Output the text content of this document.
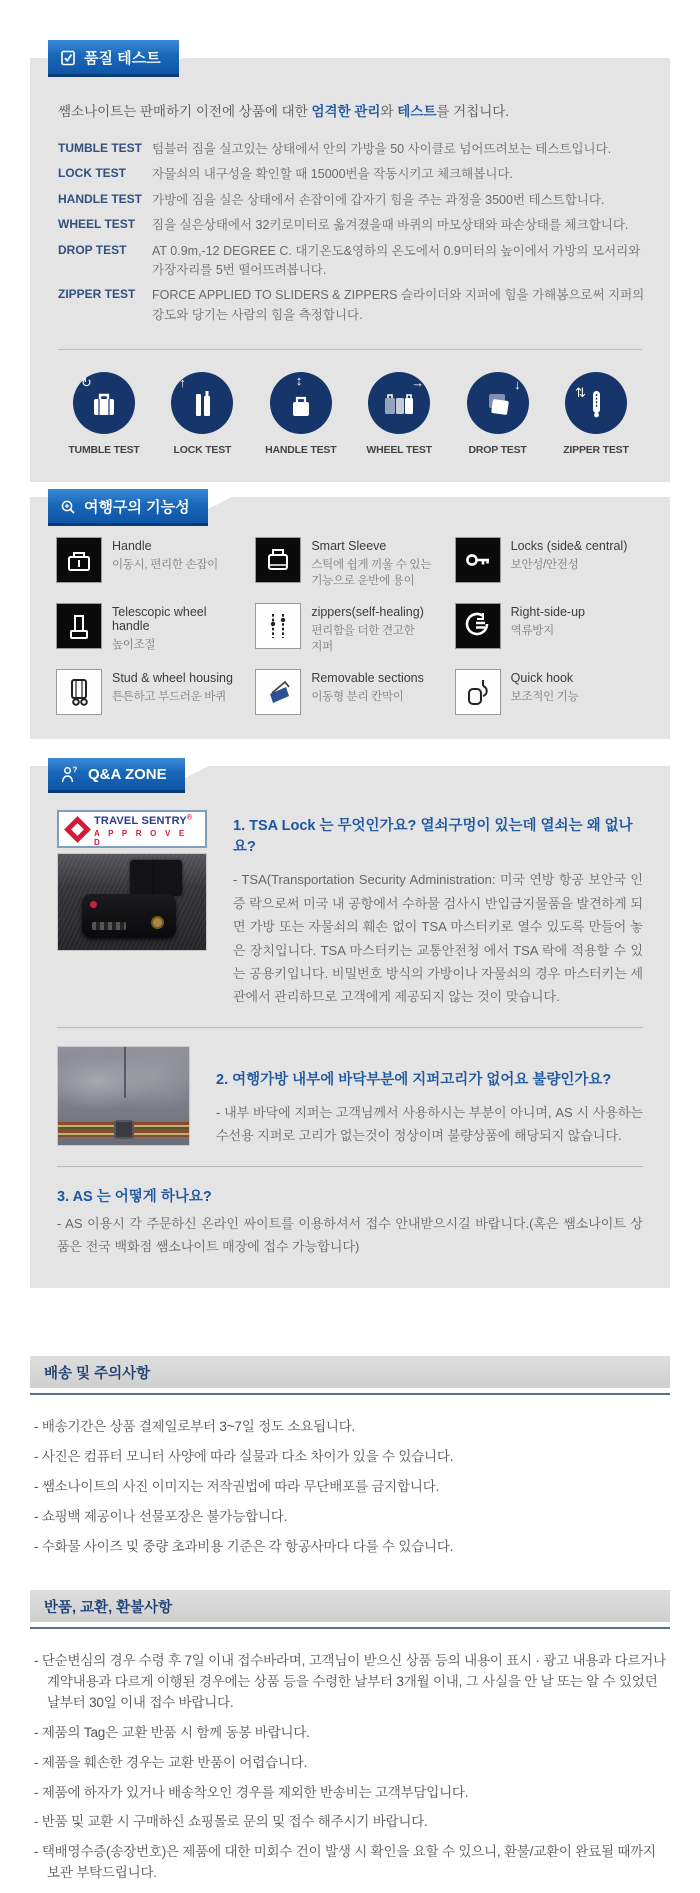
품질 테스트

쌤소나이트는 판매하기 이전에 상품에 대한 엄격한 관리와 테스트를 거칩니다.

TUMBLE TEST 텀블러 짐을 실고있는 상태에서 안의 가방을 50 사이클로 넘어뜨려보는 테스트입니다.
LOCK TEST	자물쇠의 내구성을 확인할 때 15000번을 작동시키고 체크해봅니다.
HANDLE TEST 가방에 짐을 실은 상태에서 손잡이에 갑자기 힘을 주는 과정을 3500번 테스트합니다.
WHEEL TEST	짐을 실은상태에서 32키로미터로 옮겨졌을때 바퀴의 마모상태와 파손상태를 체크합니다.
DROP TEST	AT 0.9m,-12 DEGREE C. 대기온도&영하의 온도에서 0.9미터의 높이에서 가방의 모서리와 가장자리를 5번 떨어뜨려봅니다.
ZIPPER TEST	FORCE APPLIED TO SLIDERS & ZIPPERS 슬라이더와 지퍼에 힘을 가해봄으로써 지퍼의 강도와 당기는 사람의 힘을 측정합니다.
↻
TUMBLE TEST
↑
LOCK TEST
↕
HANDLE TEST
→
WHEEL TEST
↓
DROP TEST
⇅
ZIPPER TEST
여행구의 기능성
Handle
이동시, 편리한 손잡이
Smart Sleeve
스틱에 쉽게 끼울 수 있는 기능으로 운반에 용이
Locks (side& central)
보안성/안전성
Telescopic wheel handle
높이조절
zippers(self-healing)
편리함을 더한 견고한 지퍼
Right-side-up
역류방지
Stud & wheel housing
튼튼하고 부드러운 바퀴
Removable sections
이동형 분리 칸막이
Quick hook
보조적인 기능
? Q&A ZONE
TRAVEL SENTRY®
A P P R O V E D
1. TSA Lock 는 무엇인가요? 열쇠구멍이 있는데 열쇠는 왜 없나요?
- TSA(Transportation Security Administration: 미국 연방 항공 보안국 인증 락으로써 미국 내 공항에서 수하물 검사시 반입금지물품을 발견하게 되면 가방 또는 자물쇠의 훼손 없이 TSA 마스터키로 열수 있도록 만들어 놓은 장치입니다. TSA 마스터키는 교통안전청 에서 TSA 락에 적용할 수 있는 공용키입니다. 비밀번호 방식의 가방이나 자물쇠의 경우 마스터키는 세관에서 관리하므로 고객에게 제공되지 않는 것이 맞습니다.
2. 여행가방 내부에 바닥부분에 지퍼고리가 없어요 불량인가요?
- 내부 바닥에 지퍼는 고객님께서 사용하시는 부분이 아니며, AS 시 사용하는 수선용 지퍼로 고리가 없는것이 정상이며 불량상품에 해당되지 않습니다.
3. AS 는 어떻게 하나요?
- AS 이용시 각 주문하신 온라인 싸이트를 이용하셔서 접수 안내받으시길 바랍니다.(혹은 쌤소나이트 상품은 전국 백화점 쌤소나이트 매장에 접수 가능합니다)
배송 및 주의사항
- 배송기간은 상품 결제일로부터 3~7일 정도 소요됩니다.
- 사진은 컴퓨터 모니터 사양에 따라 실물과 다소 차이가 있을 수 있습니다.
- 쌤소나이트의 사진 이미지는 저작권법에 따라 무단배포를 금지합니다.
- 쇼핑백 제공이나 선물포장은 불가능합니다.
- 수화물 사이즈 및 중량 초과비용 기준은 각 항공사마다 다를 수 있습니다.
반품, 교환, 환불사항
- 단순변심의 경우 수령 후 7일 이내 접수바라며, 고객님이 받으신 상품 등의 내용이 표시 · 광고 내용과 다르거나 계약내용과 다르게 이행된 경우에는 상품 등을 수령한 날부터 3개월 이내, 그 사실을 안 날 또는 알 수 있었던 날부터 30일 이내 접수 바랍니다.
- 제품의 Tag은 교환 반품 시 함께 동봉 바랍니다.
- 제품을 훼손한 경우는 교환 반품이 어렵습니다.
- 제품에 하자가 있거나 배송착오인 경우를 제외한 반송비는 고객부담입니다.
- 반품 및 교환 시 구매하신 쇼핑몰로 문의 및 접수 해주시기 바랍니다.
- 택배영수증(송장번호)은 제품에 대한 미회수 건이 발생 시 확인을 요할 수 있으니, 환불/교환이 완료될 때까지 보관 부탁드립니다.
